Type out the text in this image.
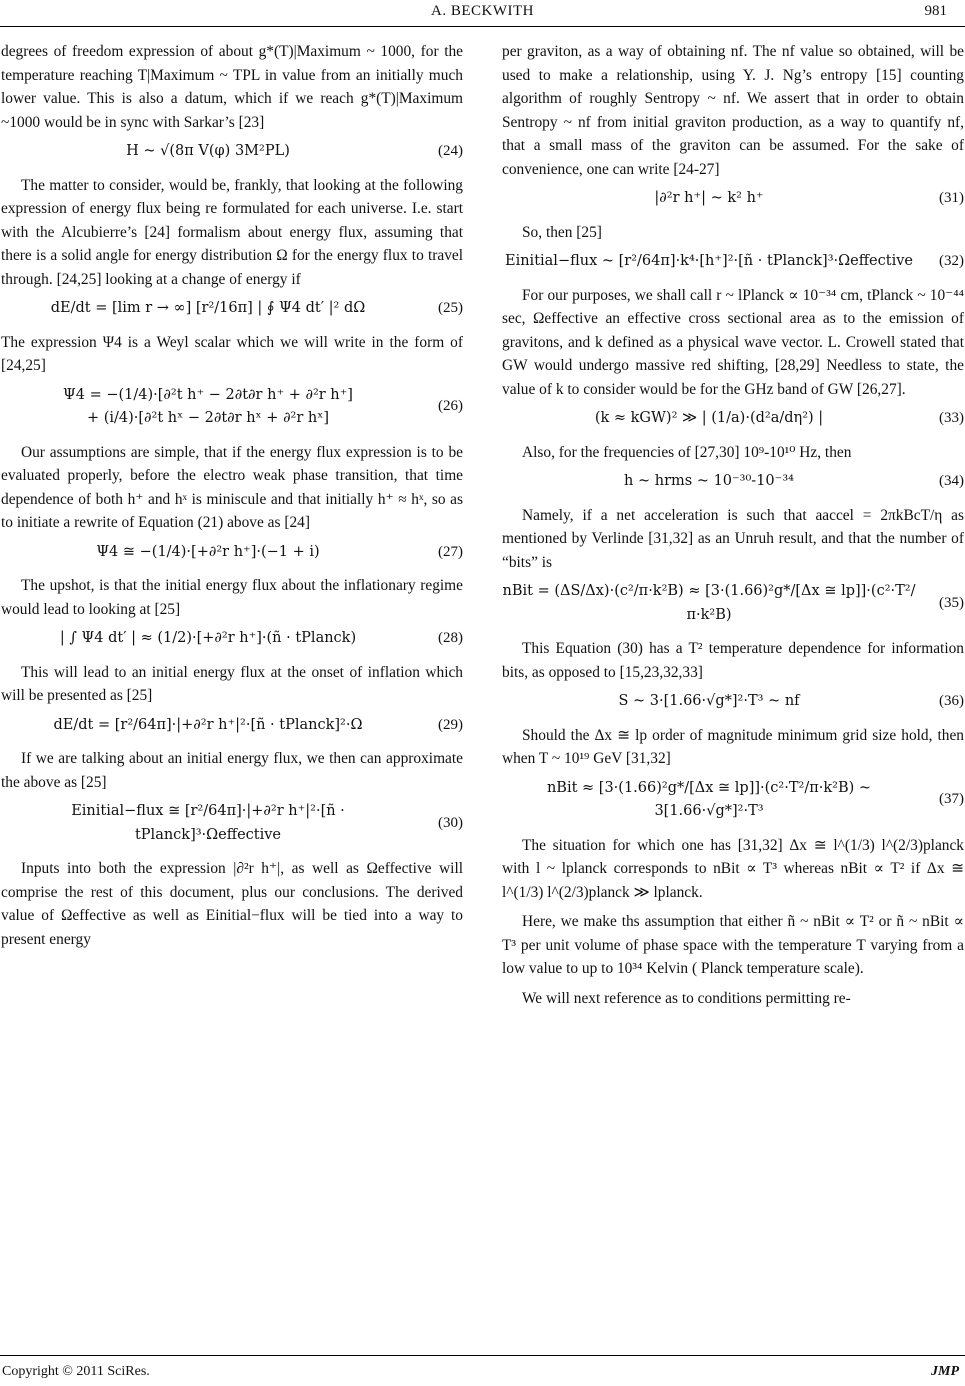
A. BECKWITH	981

degrees of freedom expression of about g*(T)|Maximum ~ 1000, for the temperature reaching T|Maximum ~ TPL in value from an initially much lower value. This is also a datum, which if we reach g*(T)|Maximum ~1000 would be in sync with Sarkar’s [23]

H ~ √(8π V(φ) 3M²PL)	(24)

The matter to consider, would be, frankly, that looking at the following expression of energy flux being re formulated for each universe. I.e. start with the Alcubierre’s [24] formalism about energy flux, assuming that there is a solid angle for energy distribution Ω for the energy flux to travel through. [24,25] looking at a change of energy if

dE/dt = [lim r → ∞] [r²/16π] | ∮ Ψ4 dt′ |² dΩ	(25)

The expression Ψ4 is a Weyl scalar which we will write in the form of [24,25]

Ψ4 = −(1/4)·[∂²t h⁺ − 2∂t∂r h⁺ + ∂²r h⁺]
+ (i/4)·[∂²t hˣ − 2∂t∂r hˣ + ∂²r hˣ]
(26)

Our assumptions are simple, that if the energy flux expression is to be evaluated properly, before the electro weak phase transition, that time dependence of both h⁺ and hˣ is miniscule and that initially h⁺ ≈ hˣ, so as to initiate a rewrite of Equation (21) above as [24]

Ψ4 ≅ −(1/4)·[+∂²r h⁺]·(−1 + i)	(27)

The upshot, is that the initial energy flux about the inflationary regime would lead to looking at [25]

| ∫ Ψ4 dt′ | ≈ (1/2)·[+∂²r h⁺]·(ñ · tPlanck)	(28)

This will lead to an initial energy flux at the onset of inflation which will be presented as [25]

dE/dt = [r²/64π]·|+∂²r h⁺|²·[ñ · tPlanck]²·Ω	(29)

If we are talking about an initial energy flux, we then can approximate the above as [25]

Einitial−flux ≅ [r²/64π]·|+∂²r h⁺|²·[ñ · tPlanck]³·Ωeffective
(30)

Inputs into both the expression |∂²r h⁺|, as well as Ωeffective will comprise the rest of this document, plus our conclusions. The derived value of Ωeffective as well as Einitial−flux will be tied into a way to present energy

per graviton, as a way of obtaining nf. The nf value so obtained, will be used to make a relationship, using Y. J. Ng’s entropy [15] counting algorithm of roughly Sentropy ~ nf. We assert that in order to obtain Sentropy ~ nf from initial graviton production, as a way to quantify nf, that a small mass of the graviton can be assumed. For the sake of convenience, one can write [24-27]

|∂²r h⁺| ~ k² h⁺	(31)

So, then [25]

Einitial−flux ~ [r²/64π]·k⁴·[h⁺]²·[ñ · tPlanck]³·Ωeffective	(32)

For our purposes, we shall call r ~ lPlanck ∝ 10⁻³⁴ cm, tPlanck ~ 10⁻⁴⁴ sec, Ωeffective an effective cross sectional area as to the emission of gravitons, and k defined as a physical wave vector. L. Crowell stated that GW would undergo massive red shifting, [28,29] Needless to state, the value of k to consider would be for the GHz band of GW [26,27].

(k ≈ kGW)² ≫ | (1/a)·(d²a/dη²) |	(33)

Also, for the frequencies of [27,30] 10⁹-10¹⁰ Hz, then

h ~ hrms ~ 10⁻³⁰-10⁻³⁴	(34)

Namely, if a net acceleration is such that aaccel = 2πkBcT/η as mentioned by Verlinde [31,32] as an Unruh result, and that the number of “bits” is

nBit = (ΔS/Δx)·(c²/π·k²B) ≈ [3·(1.66)²g*/[Δx ≅ lp]]·(c²·T²/π·k²B)
(35)

This Equation (30) has a T² temperature dependence for information bits, as opposed to [15,23,32,33]

S ~ 3·[1.66·√g*]²·T³ ~ nf	(36)

Should the Δx ≅ lp order of magnitude minimum grid size hold, then when T ~ 10¹⁹ GeV [31,32]

nBit ≈ [3·(1.66)²g*/[Δx ≅ lp]]·(c²·T²/π·k²B) ~ 3[1.66·√g*]²·T³
(37)

The situation for which one has [31,32] Δx ≅ l^(1/3) l^(2/3)planck with l ~ lplanck corresponds to nBit ∝ T³ whereas nBit ∝ T² if Δx ≅ l^(1/3) l^(2/3)planck ≫ lplanck.

Here, we make ths assumption that either ñ ~ nBit ∝ T² or ñ ~ nBit ∝ T³ per unit volume of phase space with the temperature T varying from a low value to up to 10³⁴ Kelvin ( Planck temperature scale).

We will next reference as to conditions permitting re-

Copyright © 2011 SciRes.	JMP
